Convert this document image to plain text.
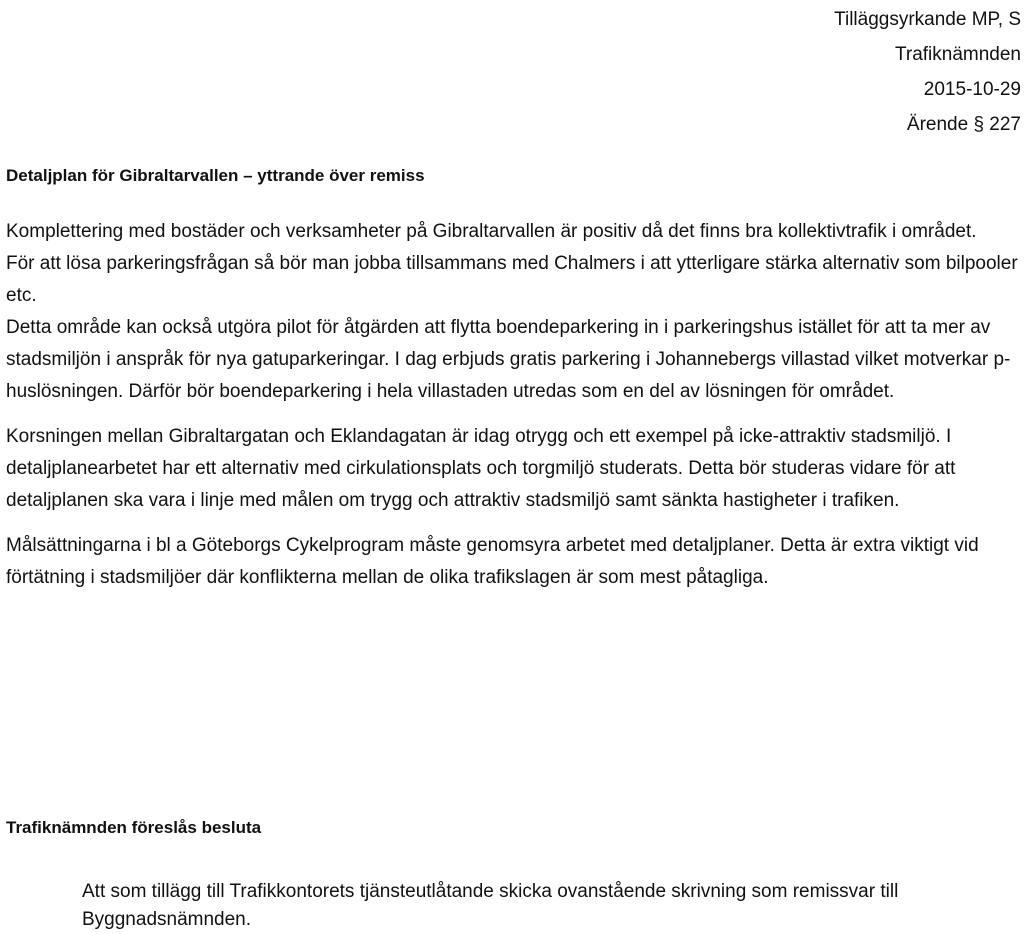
Tilläggsyrkande MP, S
Trafiknämnden
2015-10-29
Ärende § 227
Detaljplan för Gibraltarvallen – yttrande över remiss

Komplettering med bostäder och verksamheter på Gibraltarvallen är positiv då det finns bra kollektivtrafik i området.

För att lösa parkeringsfrågan så bör man jobba tillsammans med Chalmers i att ytterligare stärka alternativ som bilpooler etc.

Detta område kan också utgöra pilot för åtgärden att flytta boendeparkering in i parkeringshus istället för att ta mer av stadsmiljön i anspråk för nya gatuparkeringar. I dag erbjuds gratis parkering i Johannebergs villastad vilket motverkar p-huslösningen. Därför bör boendeparkering i hela villastaden utredas som en del av lösningen för området.

Korsningen mellan Gibraltargatan och Eklandagatan är idag otrygg och ett exempel på icke-attraktiv stadsmiljö. I detaljplanearbetet har ett alternativ med cirkulationsplats och torgmiljö studerats. Detta bör studeras vidare för att detaljplanen ska vara i linje med målen om trygg och attraktiv stadsmiljö samt sänkta hastigheter i trafiken.

Målsättningarna i bl a Göteborgs Cykelprogram måste genomsyra arbetet med detaljplaner. Detta är extra viktigt vid förtätning i stadsmiljöer där konflikterna mellan de olika trafikslagen är som mest påtagliga.

Trafiknämnden föreslås besluta

Att som tillägg till Trafikkontorets tjänsteutlåtande skicka ovanstående skrivning som remissvar till Byggnadsnämnden.
